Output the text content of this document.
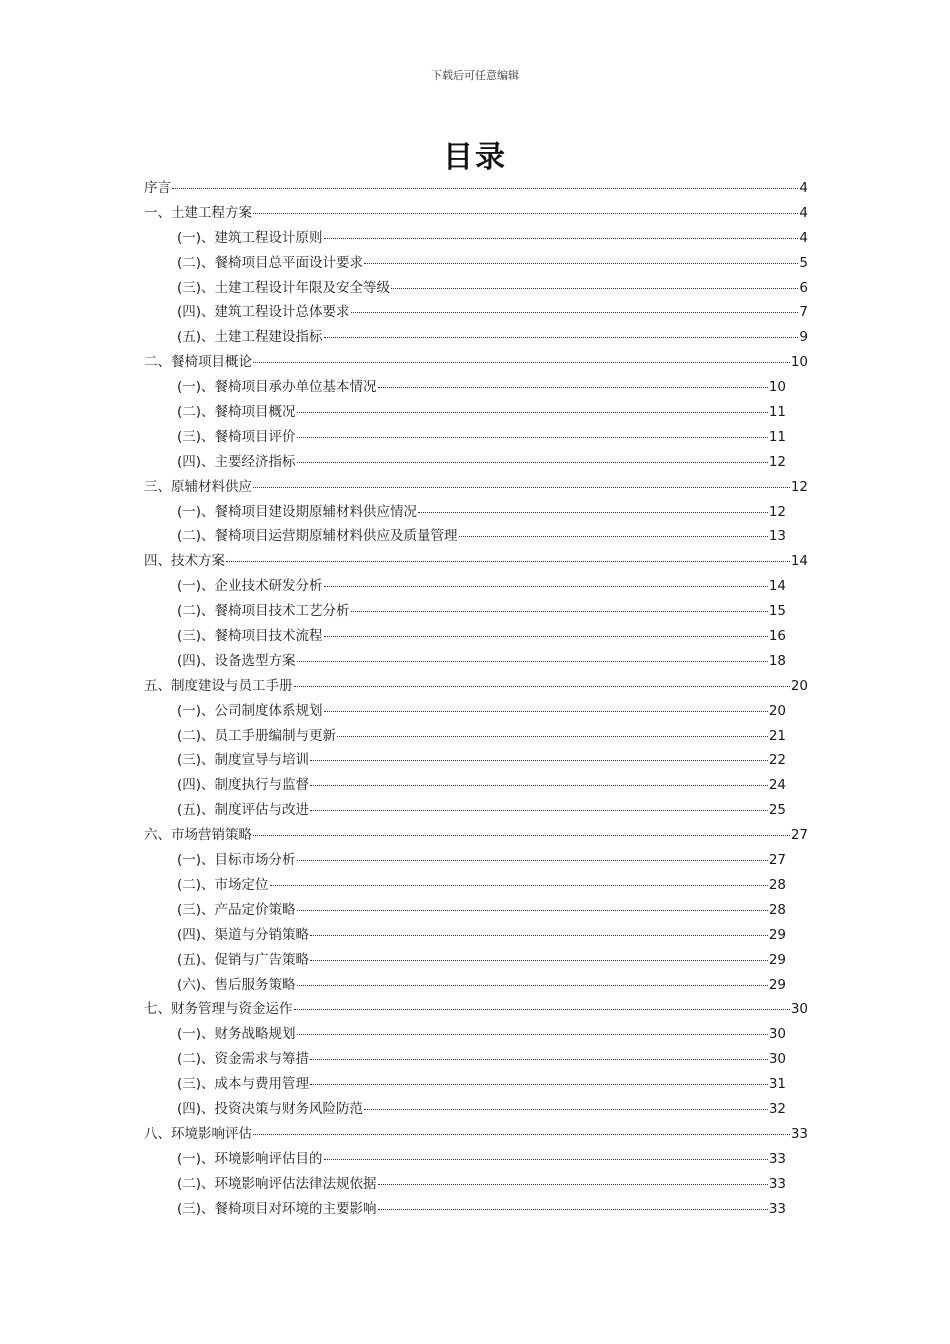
下载后可任意编辑
目录
序言	4
一、土建工程方案	4
(一)、建筑工程设计原则	4
(二)、餐椅项目总平面设计要求	5
(三)、土建工程设计年限及安全等级	6
(四)、建筑工程设计总体要求	7
(五)、土建工程建设指标	9
二、餐椅项目概论	10
(一)、餐椅项目承办单位基本情况	10
(二)、餐椅项目概况	11
(三)、餐椅项目评价	11
(四)、主要经济指标	12
三、原辅材料供应	12
(一)、餐椅项目建设期原辅材料供应情况	12
(二)、餐椅项目运营期原辅材料供应及质量管理	13
四、技术方案	14
(一)、企业技术研发分析	14
(二)、餐椅项目技术工艺分析	15
(三)、餐椅项目技术流程	16
(四)、设备选型方案	18
五、制度建设与员工手册	20
(一)、公司制度体系规划	20
(二)、员工手册编制与更新	21
(三)、制度宣导与培训	22
(四)、制度执行与监督	24
(五)、制度评估与改进	25
六、市场营销策略	27
(一)、目标市场分析	27
(二)、市场定位	28
(三)、产品定价策略	28
(四)、渠道与分销策略	29
(五)、促销与广告策略	29
(六)、售后服务策略	29
七、财务管理与资金运作	30
(一)、财务战略规划	30
(二)、资金需求与筹措	30
(三)、成本与费用管理	31
(四)、投资决策与财务风险防范	32
八、环境影响评估	33
(一)、环境影响评估目的	33
(二)、环境影响评估法律法规依据	33
(三)、餐椅项目对环境的主要影响	33
